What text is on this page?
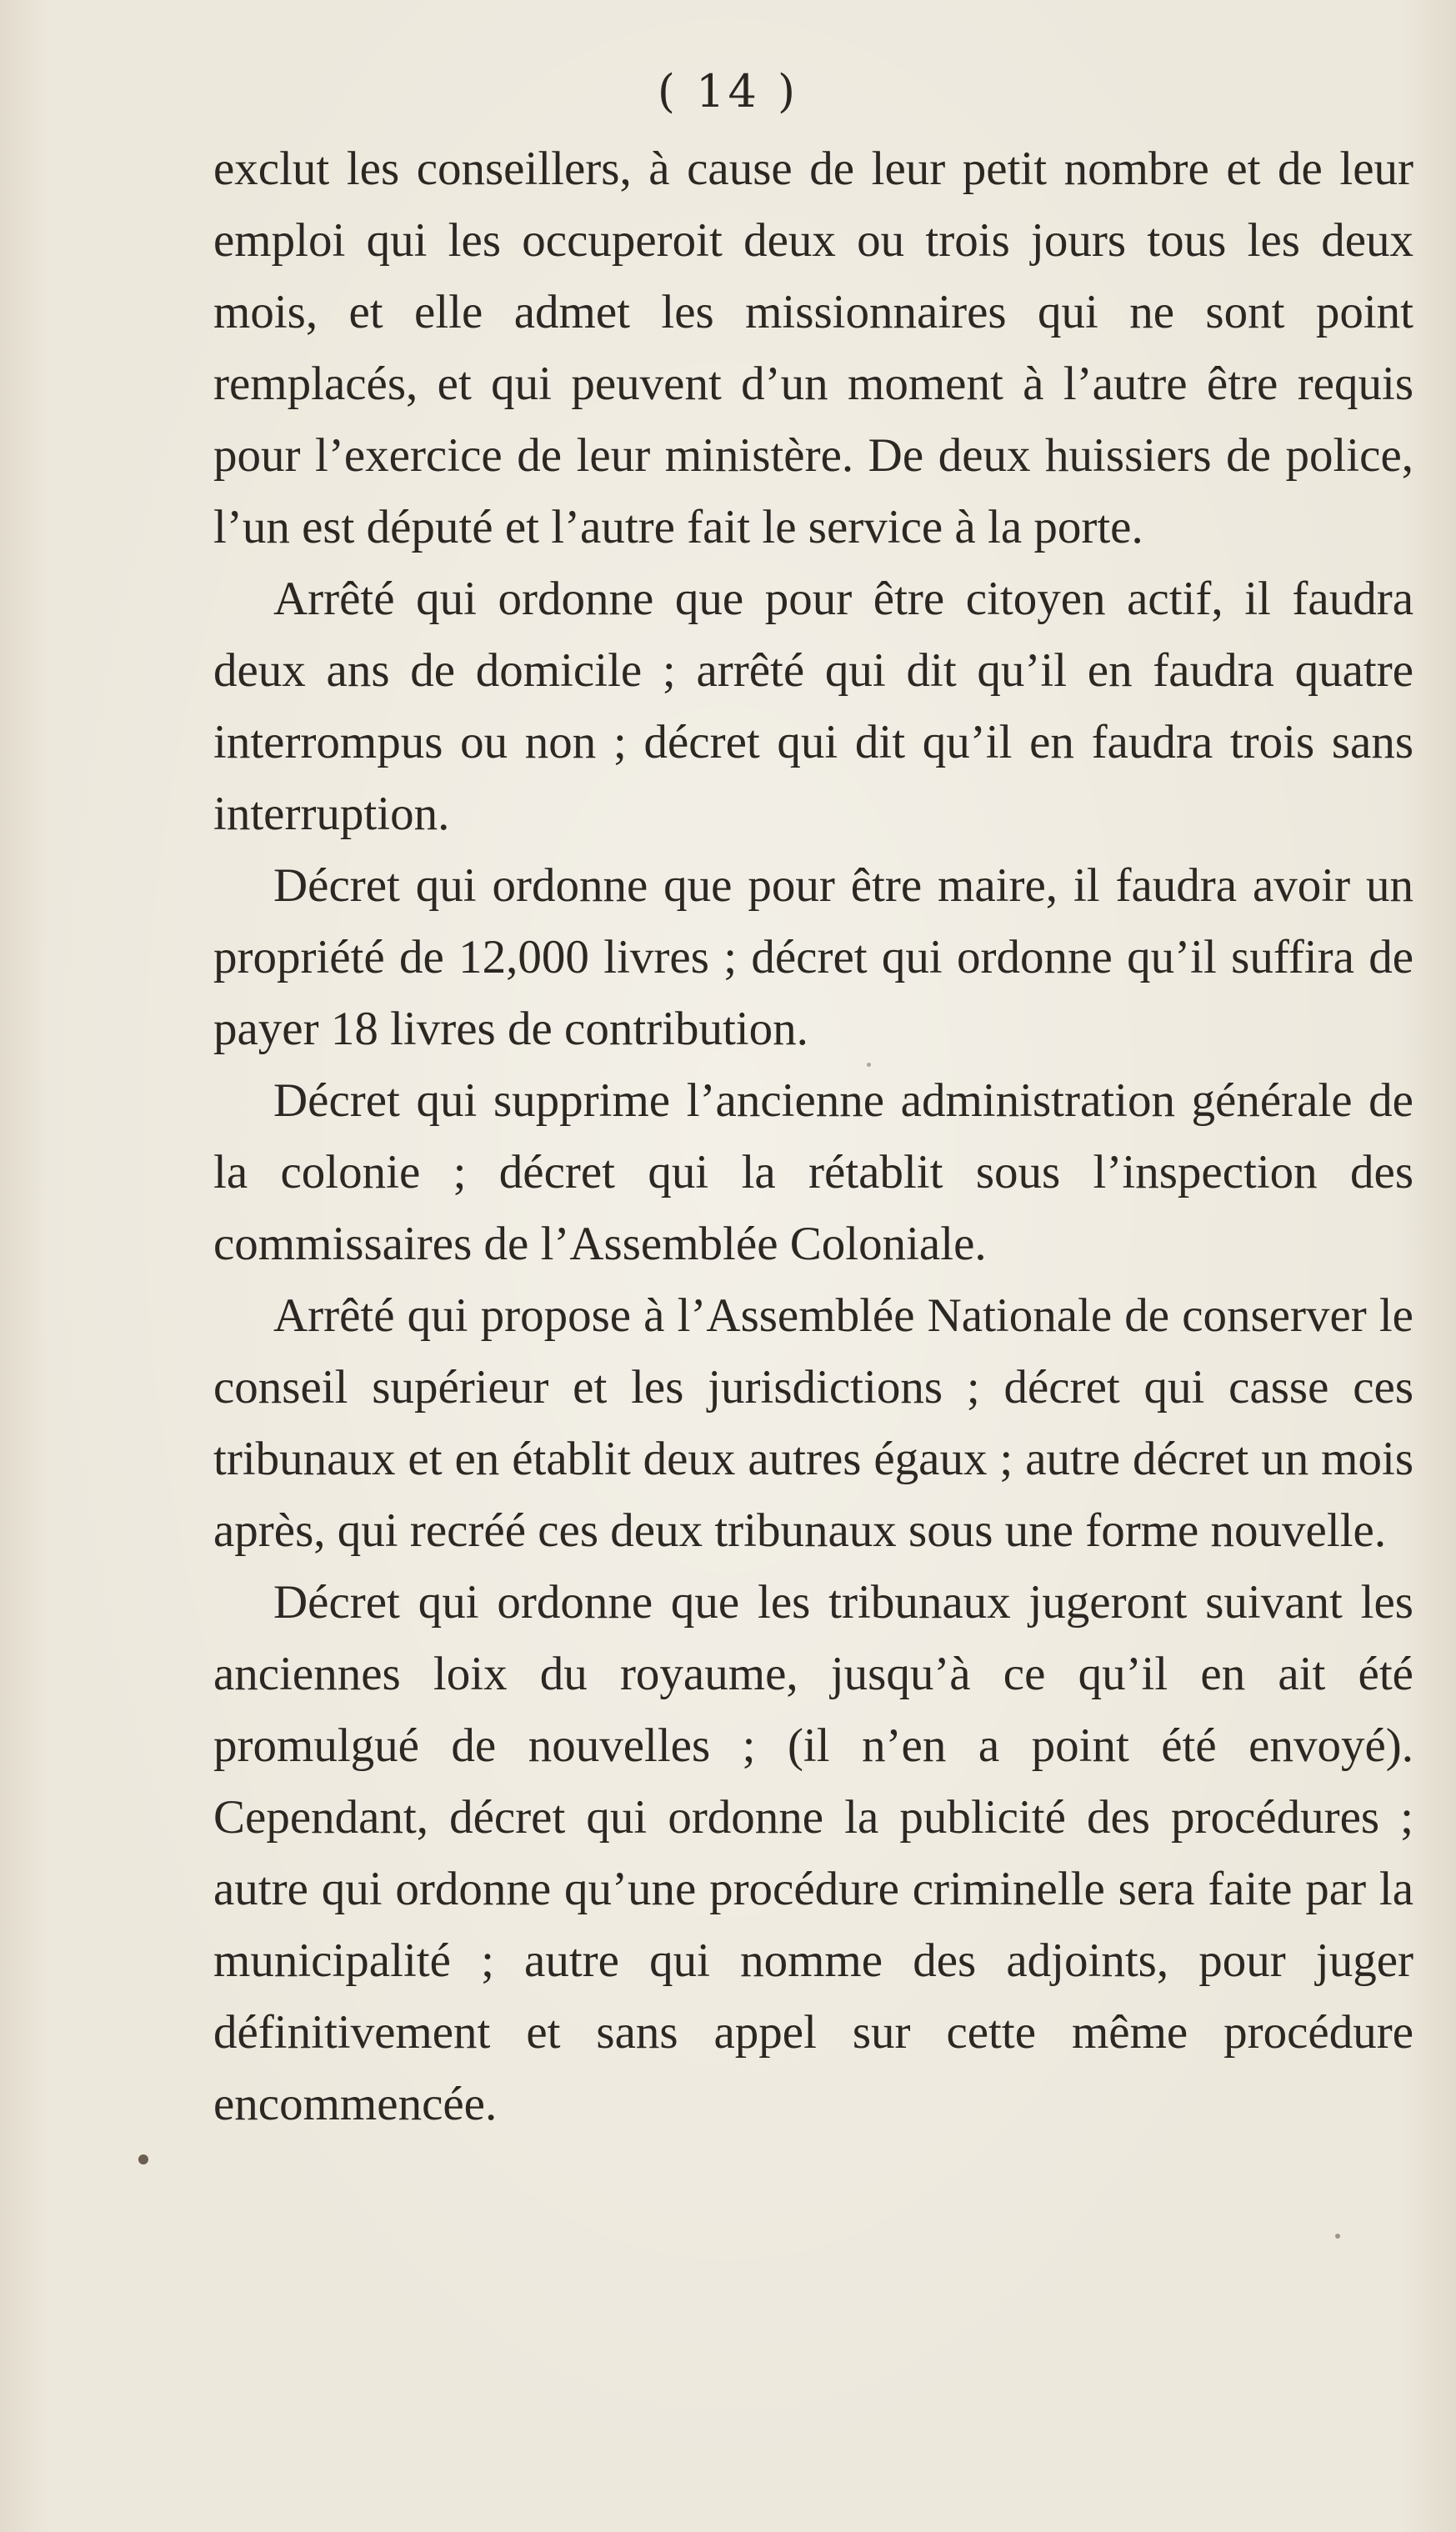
( 14 )

exclut les conseillers, à cause de leur petit nombre et de leur emploi qui les occuperoit deux ou trois jours tous les deux mois, et elle admet les missionnaires qui ne sont point remplacés, et qui peuvent d’un moment à l’autre être requis pour l’exercice de leur ministère. De deux huissiers de police, l’un est député et l’autre fait le service à la porte.

Arrêté qui ordonne que pour être citoyen actif, il faudra deux ans de domicile ; arrêté qui dit qu’il en faudra quatre interrompus ou non ; décret qui dit qu’il en faudra trois sans interruption.

Décret qui ordonne que pour être maire, il faudra avoir un propriété de 12,000 livres ; décret qui ordonne qu’il suffira de payer 18 livres de contribution.

Décret qui supprime l’ancienne administration générale de la colonie ; décret qui la rétablit sous l’inspection des commissaires de l’Assemblée Coloniale.

Arrêté qui propose à l’Assemblée Nationale de conserver le conseil supérieur et les jurisdictions ; décret qui casse ces tribunaux et en établit deux autres égaux ; autre décret un mois après, qui recréé ces deux tribunaux sous une forme nouvelle.

Décret qui ordonne que les tribunaux jugeront suivant les anciennes loix du royaume, jusqu’à ce qu’il en ait été promulgué de nouvelles ; (il n’en a point été envoyé). Cependant, décret qui ordonne la publicité des procédures ; autre qui ordonne qu’une procédure criminelle sera faite par la municipalité ; autre qui nomme des adjoints, pour juger définitivement et sans appel sur cette même procédure encommencée.
